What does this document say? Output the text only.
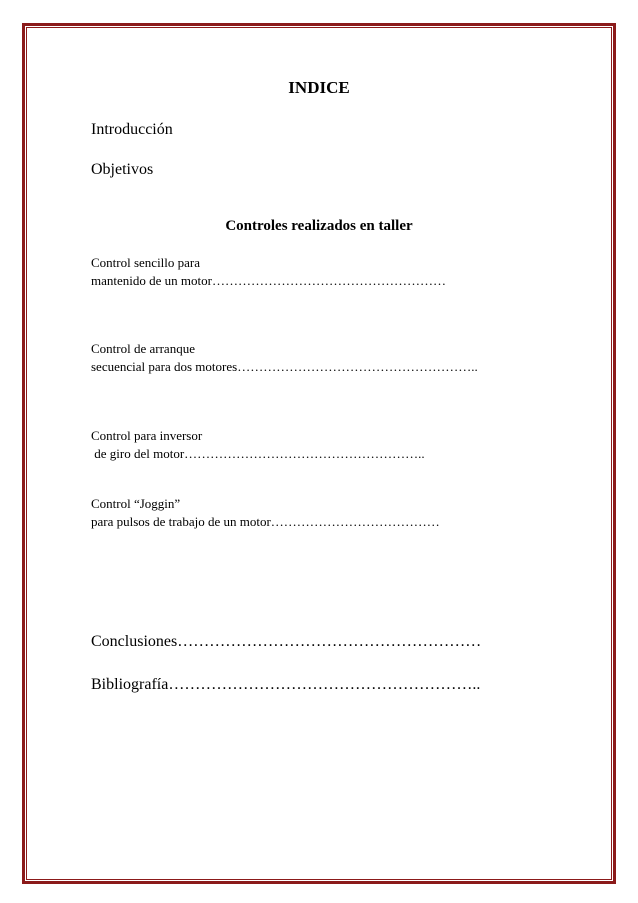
INDICE
Introducción
Objetivos
Controles realizados en taller
Control sencillo para
mantenido de un motor………………………………………………
Control de arranque
secuencial para dos motores………………………………………………..
Control para inversor
de giro del motor………………………………………………..
Control “Joggin”
para pulsos de trabajo de un motor…………………………………
Conclusiones…………………………………………………
Bibliografía…………………………………………………..
